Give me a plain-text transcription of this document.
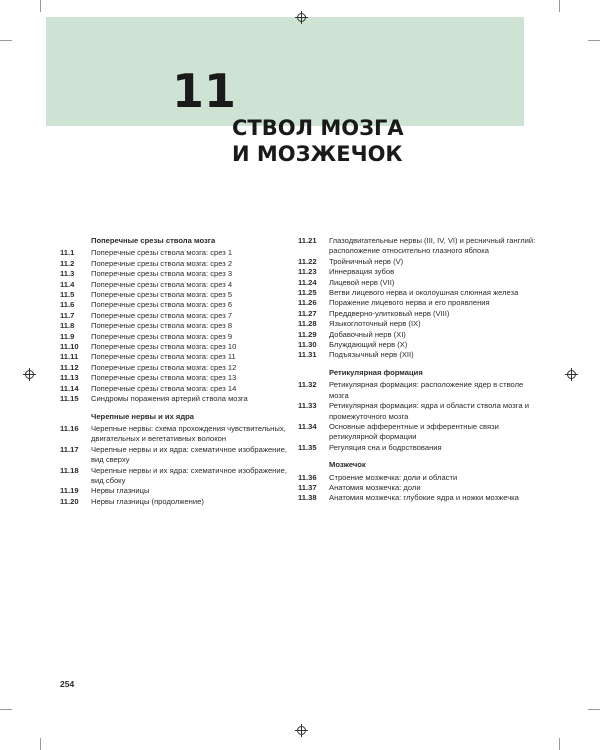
11
СТВОЛ МОЗГА
И МОЗЖЕЧОК
Поперечные срезы ствола мозга
11.1	Поперечные срезы ствола мозга: срез 1
11.2	Поперечные срезы ствола мозга: срез 2
11.3	Поперечные срезы ствола мозга: срез 3
11.4	Поперечные срезы ствола мозга: срез 4
11.5	Поперечные срезы ствола мозга: срез 5
11.6	Поперечные срезы ствола мозга: срез 6
11.7	Поперечные срезы ствола мозга: срез 7
11.8	Поперечные срезы ствола мозга: срез 8
11.9	Поперечные срезы ствола мозга: срез 9
11.10	Поперечные срезы ствола мозга: срез 10
11.11	Поперечные срезы ствола мозга: срез 11
11.12	Поперечные срезы ствола мозга: срез 12
11.13	Поперечные срезы ствола мозга: срез 13
11.14	Поперечные срезы ствола мозга: срез 14
11.15	Синдромы поражения артерий ствола мозга
Черепные нервы и их ядра
11.16	Черепные нервы: схема прохождения чувствительных, двигательных и вегетативных волокон
11.17	Черепные нервы и их ядра: схематичное изображение, вид сверху
11.18	Черепные нервы и их ядра: схематичное изображение, вид сбоку
11.19	Нервы глазницы
11.20	Нервы глазницы (продолжение)
11.21	Глазодвигательные нервы (III, IV, VI) и ресничный ганглий: расположение относительно глазного яблока
11.22	Тройничный нерв (V)
11.23	Иннервация зубов
11.24	Лицевой нерв (VII)
11.25	Ветви лицевого нерва и околоушная слюнная железа
11.26	Поражение лицевого нерва и его проявления
11.27	Преддверно-улитковый нерв (VIII)
11.28	Языкоглоточный нерв (IX)
11.29	Добавочный нерв (XI)
11.30	Блуждающий нерв (X)
11.31	Подъязычный нерв (XII)
Ретикулярная формация
11.32	Ретикулярная формация: расположение ядер в стволе мозга
11.33	Ретикулярная формация: ядра и области ствола мозга и промежуточного мозга
11.34	Основные афферентные и эфферентные связи ретикулярной формации
11.35	Регуляция сна и бодрствования
Мозжечок
11.36	Строение мозжечка: доли и области
11.37	Анатомия мозжечка: доли
11.38	Анатомия мозжечка: глубокие ядра и ножки мозжечка
254
